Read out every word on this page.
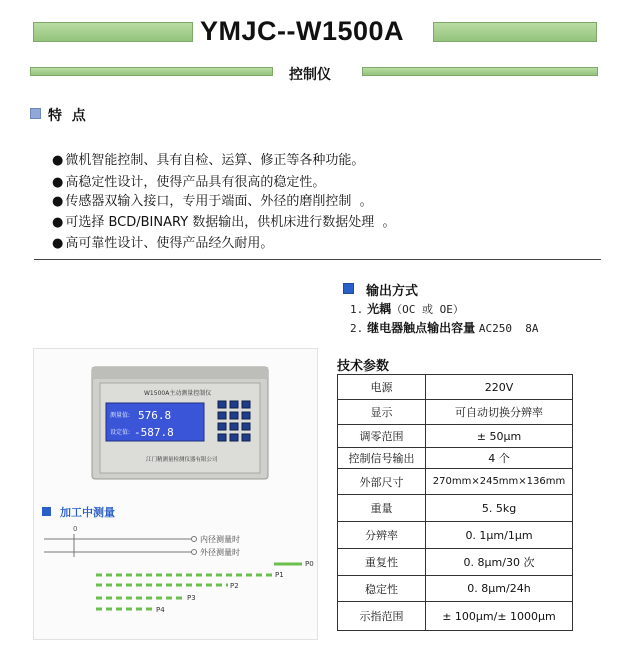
YMJC--W1500A
控制仪
特  点
● 微机智能控制、具有自检、运算、修正等各种功能。
● 高稳定性设计，使得产品具有很高的稳定性。
● 传感器双输入接口，专用于端面、外径的磨削控制  。
● 可选择 BCD/BINARY 数据输出，供机床进行数据处理  。
● 高可靠性设计、使得产品经久耐用。
输出方式
1. 光耦（OC 或 OE）
2. 继电器触点输出容量 AC250  8A
W1500A主动测量控制仪
测量值: 576.8
设定值: -587.8
江门精测量检测仪器有限公司
加工中测量
0
内径测量时
外径测量时
P0
P1
P2
P3
P4
技术参数
电源	220V
显示	可自动切换分辨率
调零范围	± 50μm
控制信号输出	4 个
外部尺寸	270mm×245mm×136mm
重量	5. 5kg
分辨率	0. 1μm/1μm
重复性	0. 8μm/30 次
稳定性	0. 8μm/24h
示指范围	± 100μm/± 1000μm
